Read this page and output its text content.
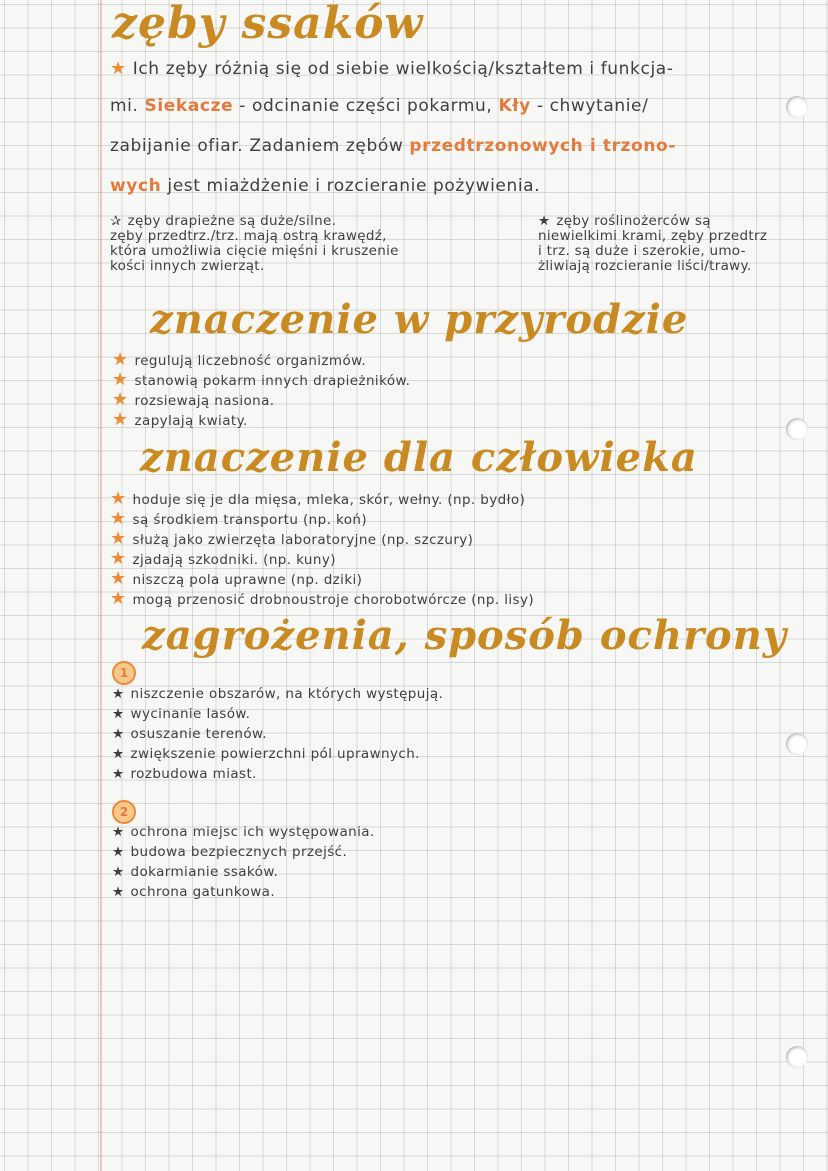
zęby ssaków
★ Ich zęby różnią się od siebie wielkością/kształtem i funkcja-
mi. Siekacze - odcinanie części pokarmu, Kły - chwytanie/
zabijanie ofiar. Zadaniem zębów przedtrzonowych i trzono-
wych jest miażdżenie i rozcieranie pożywienia.
✰ zęby drapieżne są duże/silne.
zęby przedtrz./trz. mają ostrą krawędź,
która umożliwia cięcie mięśni i kruszenie
kości innych zwierząt.
★ zęby roślinożerców są
niewielkimi krami, zęby przedtrz
i trz. są duże i szerokie, umo-
żliwiają rozcieranie liści/trawy.
znaczenie w przyrodzie
★ regulują liczebność organizmów.
★ stanowią pokarm innych drapieżników.
★ rozsiewają nasiona.
★ zapylają kwiaty.
znaczenie dla człowieka
★ hoduje się je dla mięsa, mleka, skór, wełny. (np. bydło)
★ są środkiem transportu (np. koń)
★ służą jako zwierzęta laboratoryjne (np. szczury)
★ zjadają szkodniki. (np. kuny)
★ niszczą pola uprawne (np. dziki)
★ mogą przenosić drobnoustroje chorobotwórcze (np. lisy)
zagrożenia, sposób ochrony
1
★ niszczenie obszarów, na których występują.
★ wycinanie lasów.
★ osuszanie terenów.
★ zwiększenie powierzchni pól uprawnych.
★ rozbudowa miast.
2
★ ochrona miejsc ich występowania.
★ budowa bezpiecznych przejść.
★ dokarmianie ssaków.
★ ochrona gatunkowa.
